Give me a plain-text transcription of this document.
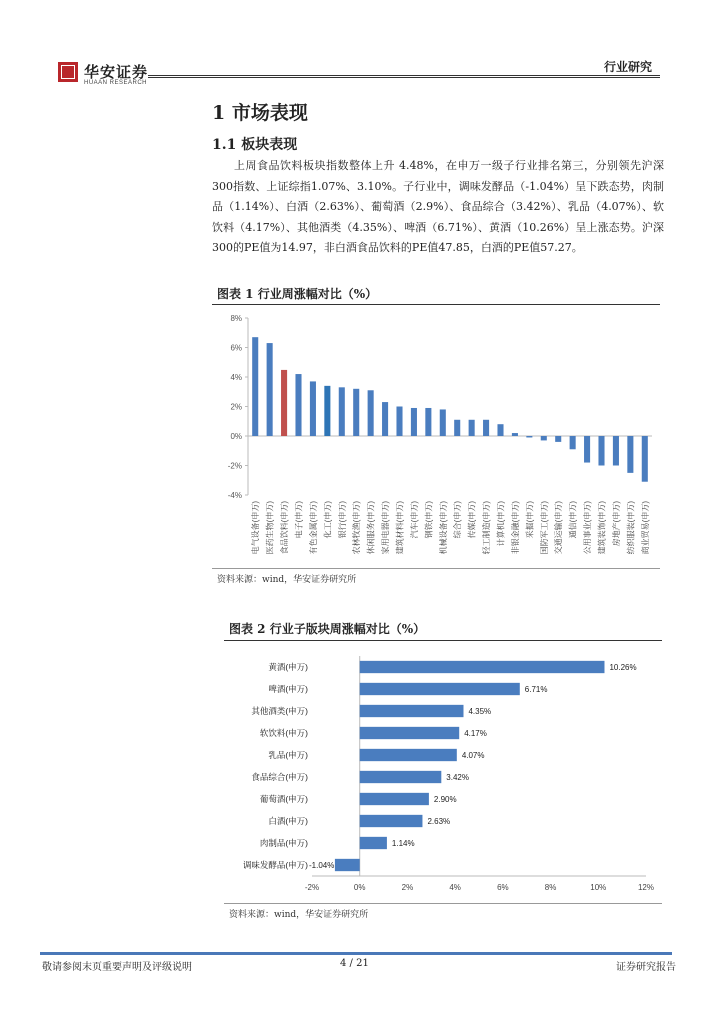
华安证券
HUAAN RESEARCH
行业研究
1 市场表现
1.1 板块表现
上周食品饮料板块指数整体上升 4.48%，在申万一级子行业排名第三，分别领先沪深300指数、上证综指1.07%、3.10%。子行业中，调味发酵品（-1.04%）呈下跌态势，肉制品（1.14%）、白酒（2.63%）、葡萄酒（2.9%）、食品综合（3.42%）、乳品（4.07%）、软饮料（4.17%）、其他酒类（4.35%）、啤酒（6.71%）、黄酒（10.26%）呈上涨态势。沪深300的PE值为14.97，非白酒食品饮料的PE值47.85，白酒的PE值57.27。
图表 1 行业周涨幅对比（%）
8%
6%
4%
2%
0%
-2%
-4%
电气设备(申万) 医药生物(申万) 食品饮料(申万) 电子(申万) 有色金属(申万) 化工(申万) 银行(申万) 农林牧渔(申万) 休闲服务(申万) 家用电器(申万) 建筑材料(申万) 汽车(申万) 钢铁(申万) 机械设备(申万) 综合(申万) 传媒(申万) 轻工制造(申万) 计算机(申万) 非银金融(申万) 采掘(申万) 国防军工(申万) 交通运输(申万) 通信(申万) 公用事业(申万) 建筑装饰(申万) 房地产(申万) 纺织服装(申万) 商业贸易(申万)
资料来源：wind，华安证券研究所
图表 2 行业子版块周涨幅对比（%）
-2%	0%	2%	4%	6%	8%	10%	12%
黄酒(申万)	10.26%
啤酒(申万)	6.71%
其他酒类(申万)	4.35%
软饮料(申万)	4.17%
乳品(申万)	4.07%
食品综合(申万)	3.42%
葡萄酒(申万)	2.90%
白酒(申万)	2.63%
肉制品(申万)	1.14%
调味发酵品(申万) -1.04%
资料来源：wind，华安证券研究所
敬请参阅末页重要声明及评级说明	4 / 21	证券研究报告
